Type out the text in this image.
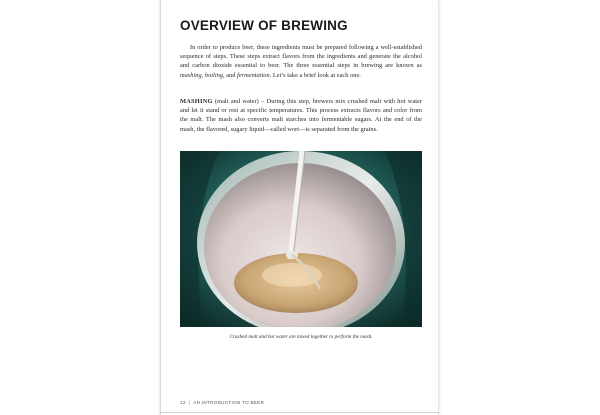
OVERVIEW OF BREWING

In order to produce beer, these ingredients must be prepared following a well-established sequence of steps. These steps extract flavors from the ingredients and generate the alcohol and carbon dioxide essential to beer. The three essential steps in brewing are known as mashing, boiling, and fermentation. Let’s take a brief look at each one.

MASHING (malt and water) – During this step, brewers mix crushed malt with hot water and let it stand or rest at specific temperatures. This process extracts flavors and color from the malt. The mash also converts malt starches into fermentable sugars. At the end of the mash, the flavored, sugary liquid—called wort—is separated from the grains.

Crushed malt and hot water are mixed together to perform the mash.

12 | AN INTRODUCTION TO BEER
